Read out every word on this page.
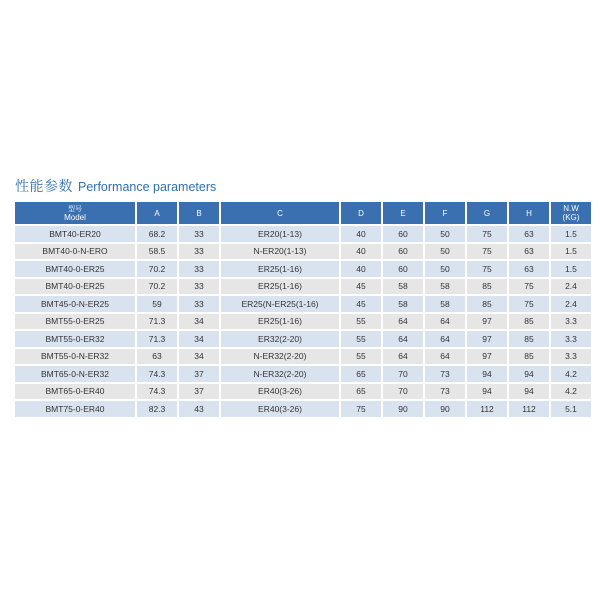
性能参数 Performance parameters
型号
Model	A	B	C	D	E	F	G	H	N.W
(KG)

BMT40-ER20	68.2	33	ER20(1-13)	40	60	50	75	63	1.5
BMT40-0-N-ERO	58.5	33	N-ER20(1-13)	40	60	50	75	63	1.5
BMT40-0-ER25	70.2	33	ER25(1-16)	40	60	50	75	63	1.5
BMT40-0-ER25	70.2	33	ER25(1-16)	45	58	58	85	75	2.4
BMT45-0-N-ER25	59	33	ER25(N-ER25(1-16)	45	58	58	85	75	2.4
BMT55-0-ER25	71.3	34	ER25(1-16)	55	64	64	97	85	3.3
BMT55-0-ER32	71.3	34	ER32(2-20)	55	64	64	97	85	3.3
BMT55-0-N-ER32	63	34	N-ER32(2-20)	55	64	64	97	85	3.3
BMT65-0-N-ER32	74.3	37	N-ER32(2-20)	65	70	73	94	94	4.2
BMT65-0-ER40	74.3	37	ER40(3-26)	65	70	73	94	94	4.2
BMT75-0-ER40	82.3	43	ER40(3-26)	75	90	90	112	112	5.1
